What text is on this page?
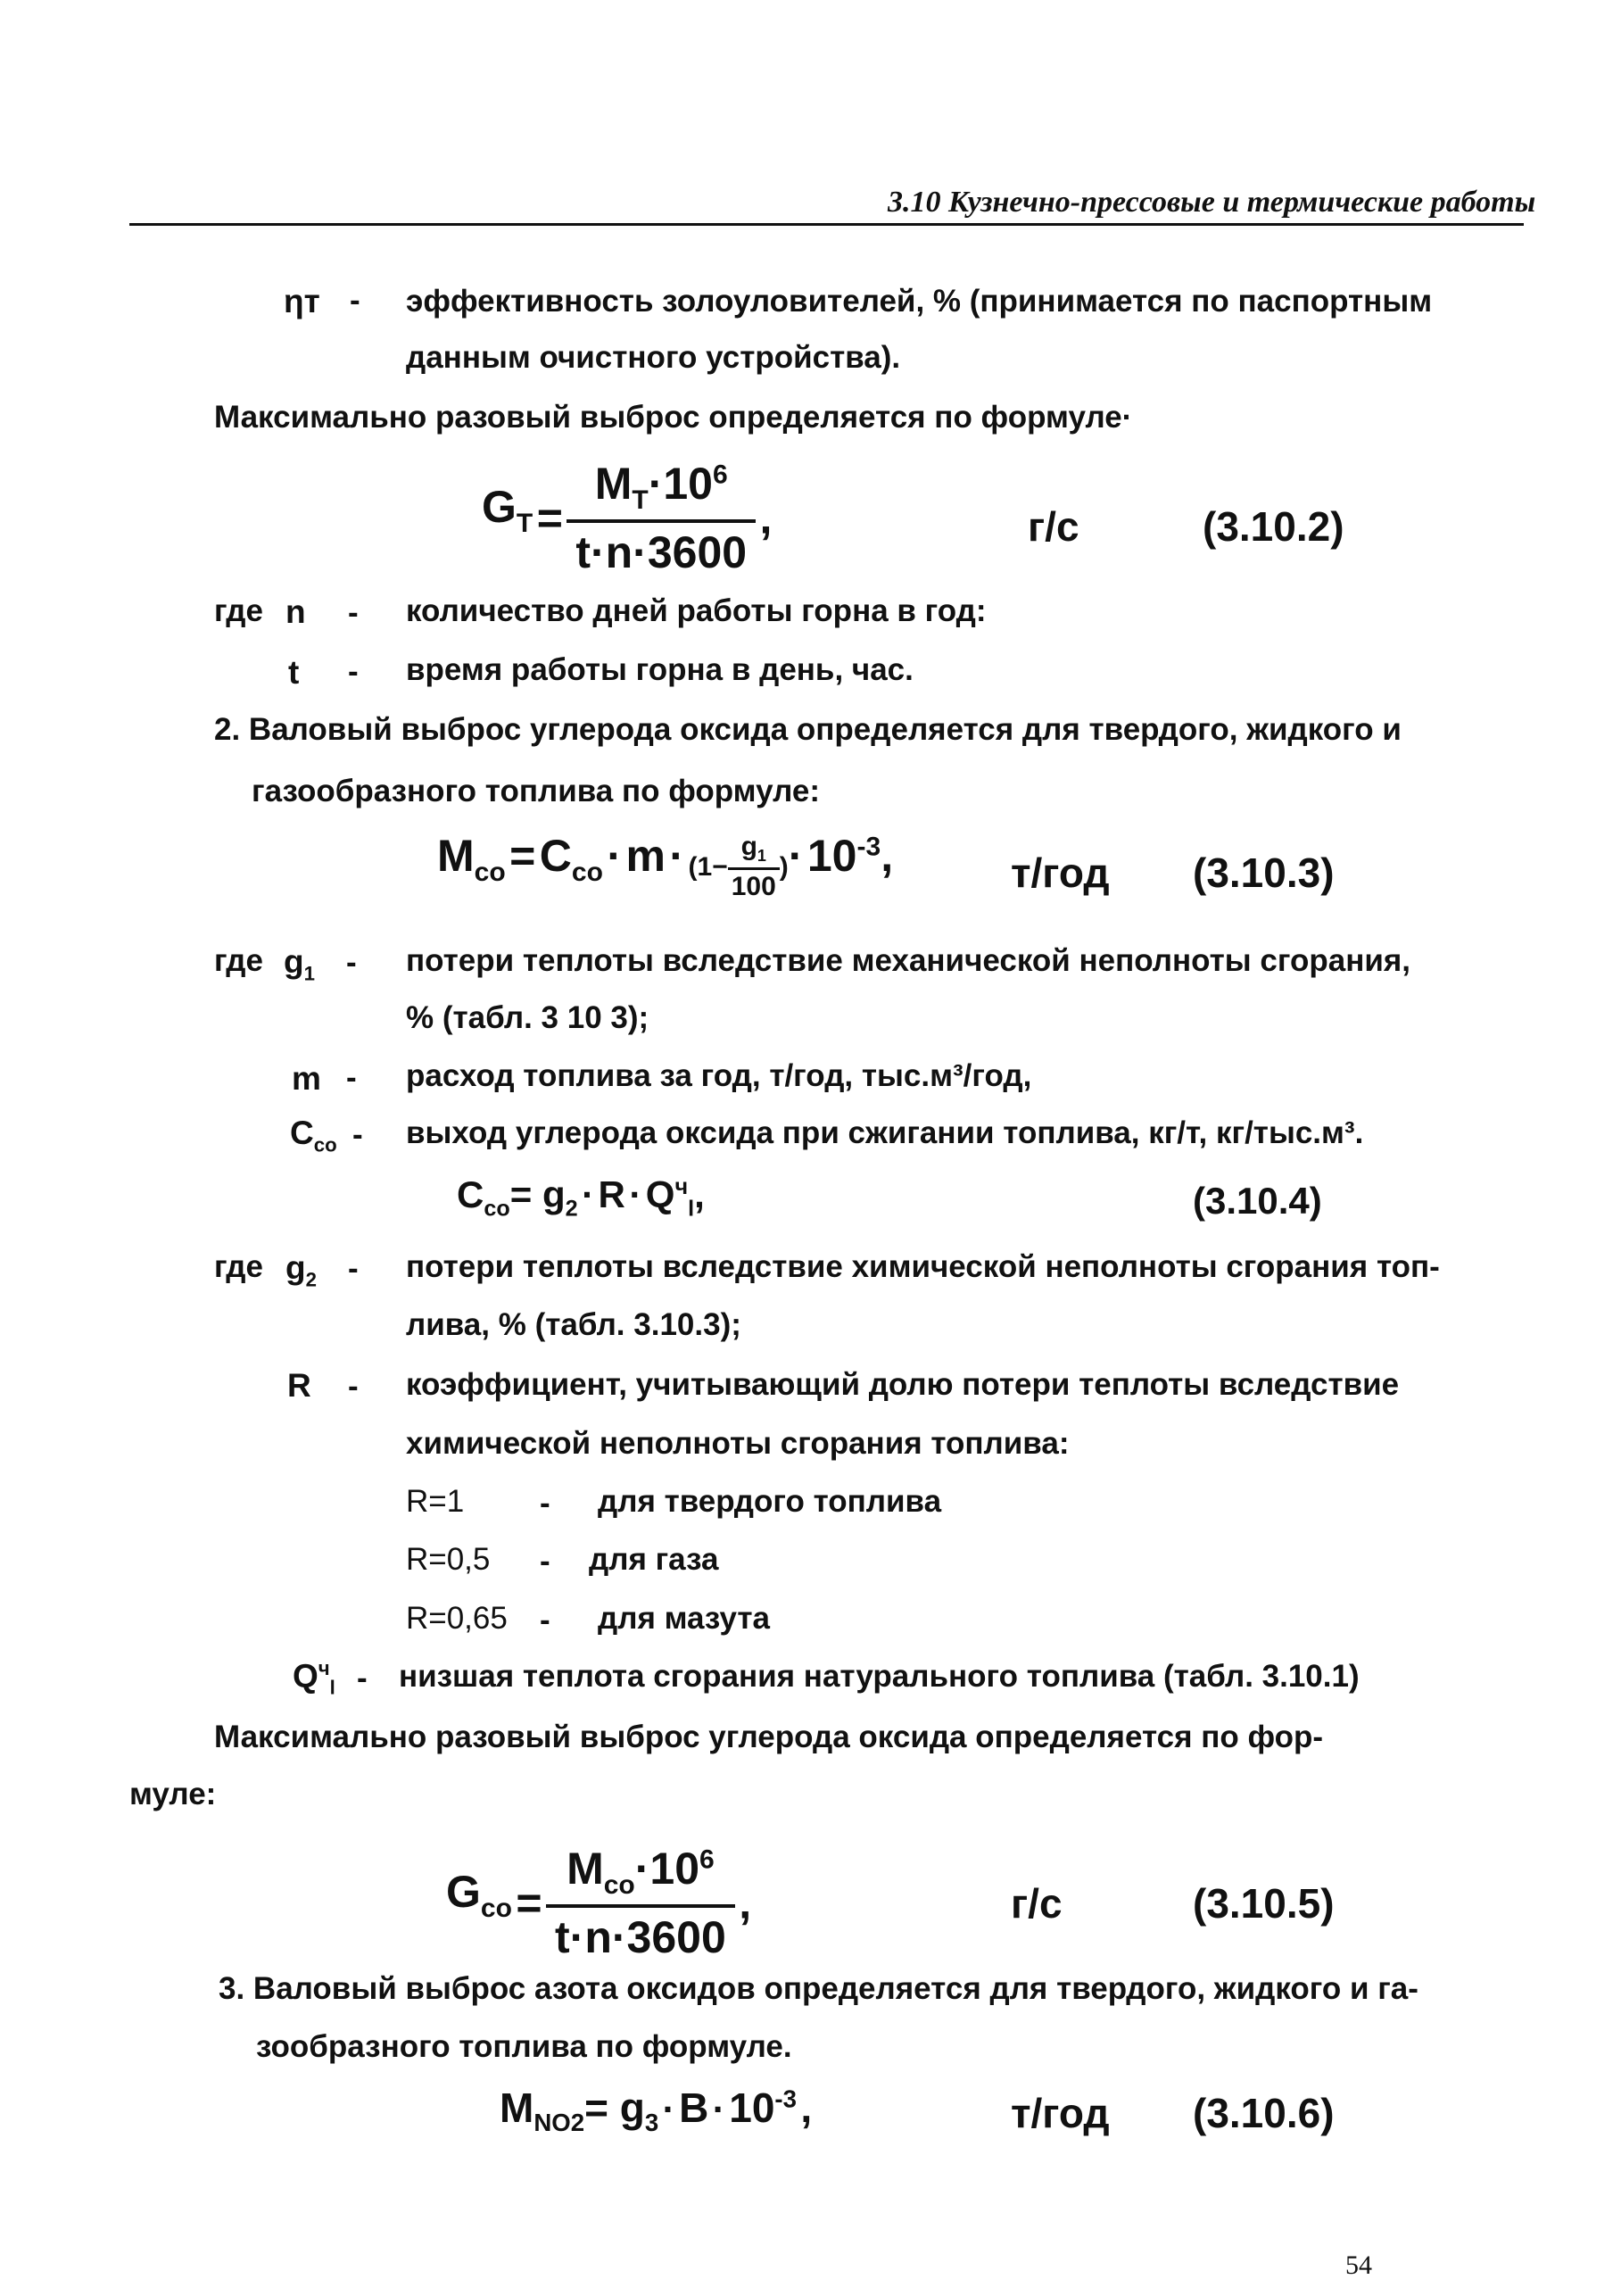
3.10 Кузнечно-прессовые и термические работы
ηт - эффективность золоуловителей, % (принимается по паспортным
данным очистного устройства).
Максимально разовый выброс определяется по формуле·
$G_T = \frac{M_T\cdot 10^6}{t\cdot n\cdot 3600}$ ,	г/с	(3.10.2)
где n - количество дней работы горна в год:
t - время работы горна в день, час.
2. Валовый выброс углерода оксида определяется для твердого, жидкого и
газообразного топлива по формуле:
$M_{co} = C_{co} \cdot m \cdot (1- \frac{g_1}{100}$ )· $10^{-3}$,	т/год (3.10.3)
где $g_1$ - потери теплоты вследствие механической неполноты сгорания,
% (табл. 3 10 3);
m - расход топлива за год, т/год, тыс.м³/год,
$C_{co}$ - выход углерода оксида при сжигании топлива, кг/т, кг/тыс.м³.
$C_{co}= g_2 \cdot R \cdot Q^ч_l$,	(3.10.4)
где $g_2$ - потери теплоты вследствие химической неполноты сгорания топ-
лива, % (табл. 3.10.3);
R - коэффициент, учитывающий долю потери теплоты вследствие
химической неполноты сгорания топлива:
R=1 - для твердого топлива
R=0,5 - для газа
R=0,65 - для мазута
$Q^ч_l$ - низшая теплота сгорания натурального топлива (табл. 3.10.1)
Максимально разовый выброс углерода оксида определяется по фор-
муле:
$G_{co} = \frac{M_{co}\cdot 10^6}{t\cdot n\cdot 3600}$ ,	г/с	(3.10.5)
3. Валовый выброс азота оксидов определяется для твердого, жидкого и га-
зообразного топлива по формуле.
$M_{NO2}= g_3 \cdot B \cdot 10^{-3}$ ,	т/год (3.10.6)
54
